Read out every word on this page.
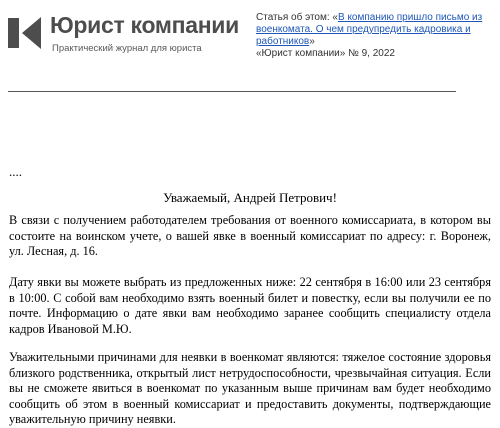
Юрист компании
Практический журнал для юриста
Статья об этом: «В компанию пришло письмо из военкомата. О чем предупредить кадровика и работников»
«Юрист компании» № 9, 2022
....
Уважаемый, Андрей Петрович!
В связи с получением работодателем требования от военного комиссариата, в котором вы состоите на воинском учете, о вашей явке в военный комиссариат по адресу: г. Воронеж, ул. Лесная, д. 16.
Дату явки вы можете выбрать из предложенных ниже: 22 сентября в 16:00 или 23 сентября в 10:00. С собой вам необходимо взять военный билет и повестку, если вы получили ее по почте. Информацию о дате явки вам необходимо заранее сообщить специалисту отдела кадров Ивановой М.Ю.
Уважительными причинами для неявки в военкомат являются: тяжелое состояние здоровья близкого родственника, открытый лист нетрудоспособности, чрезвычайная ситуация. Если вы не сможете явиться в военкомат по указанным выше причинам вам будет необходимо сообщить об этом в военный комиссариат и предоставить документы, подтверждающие уважительную причину неявки.
